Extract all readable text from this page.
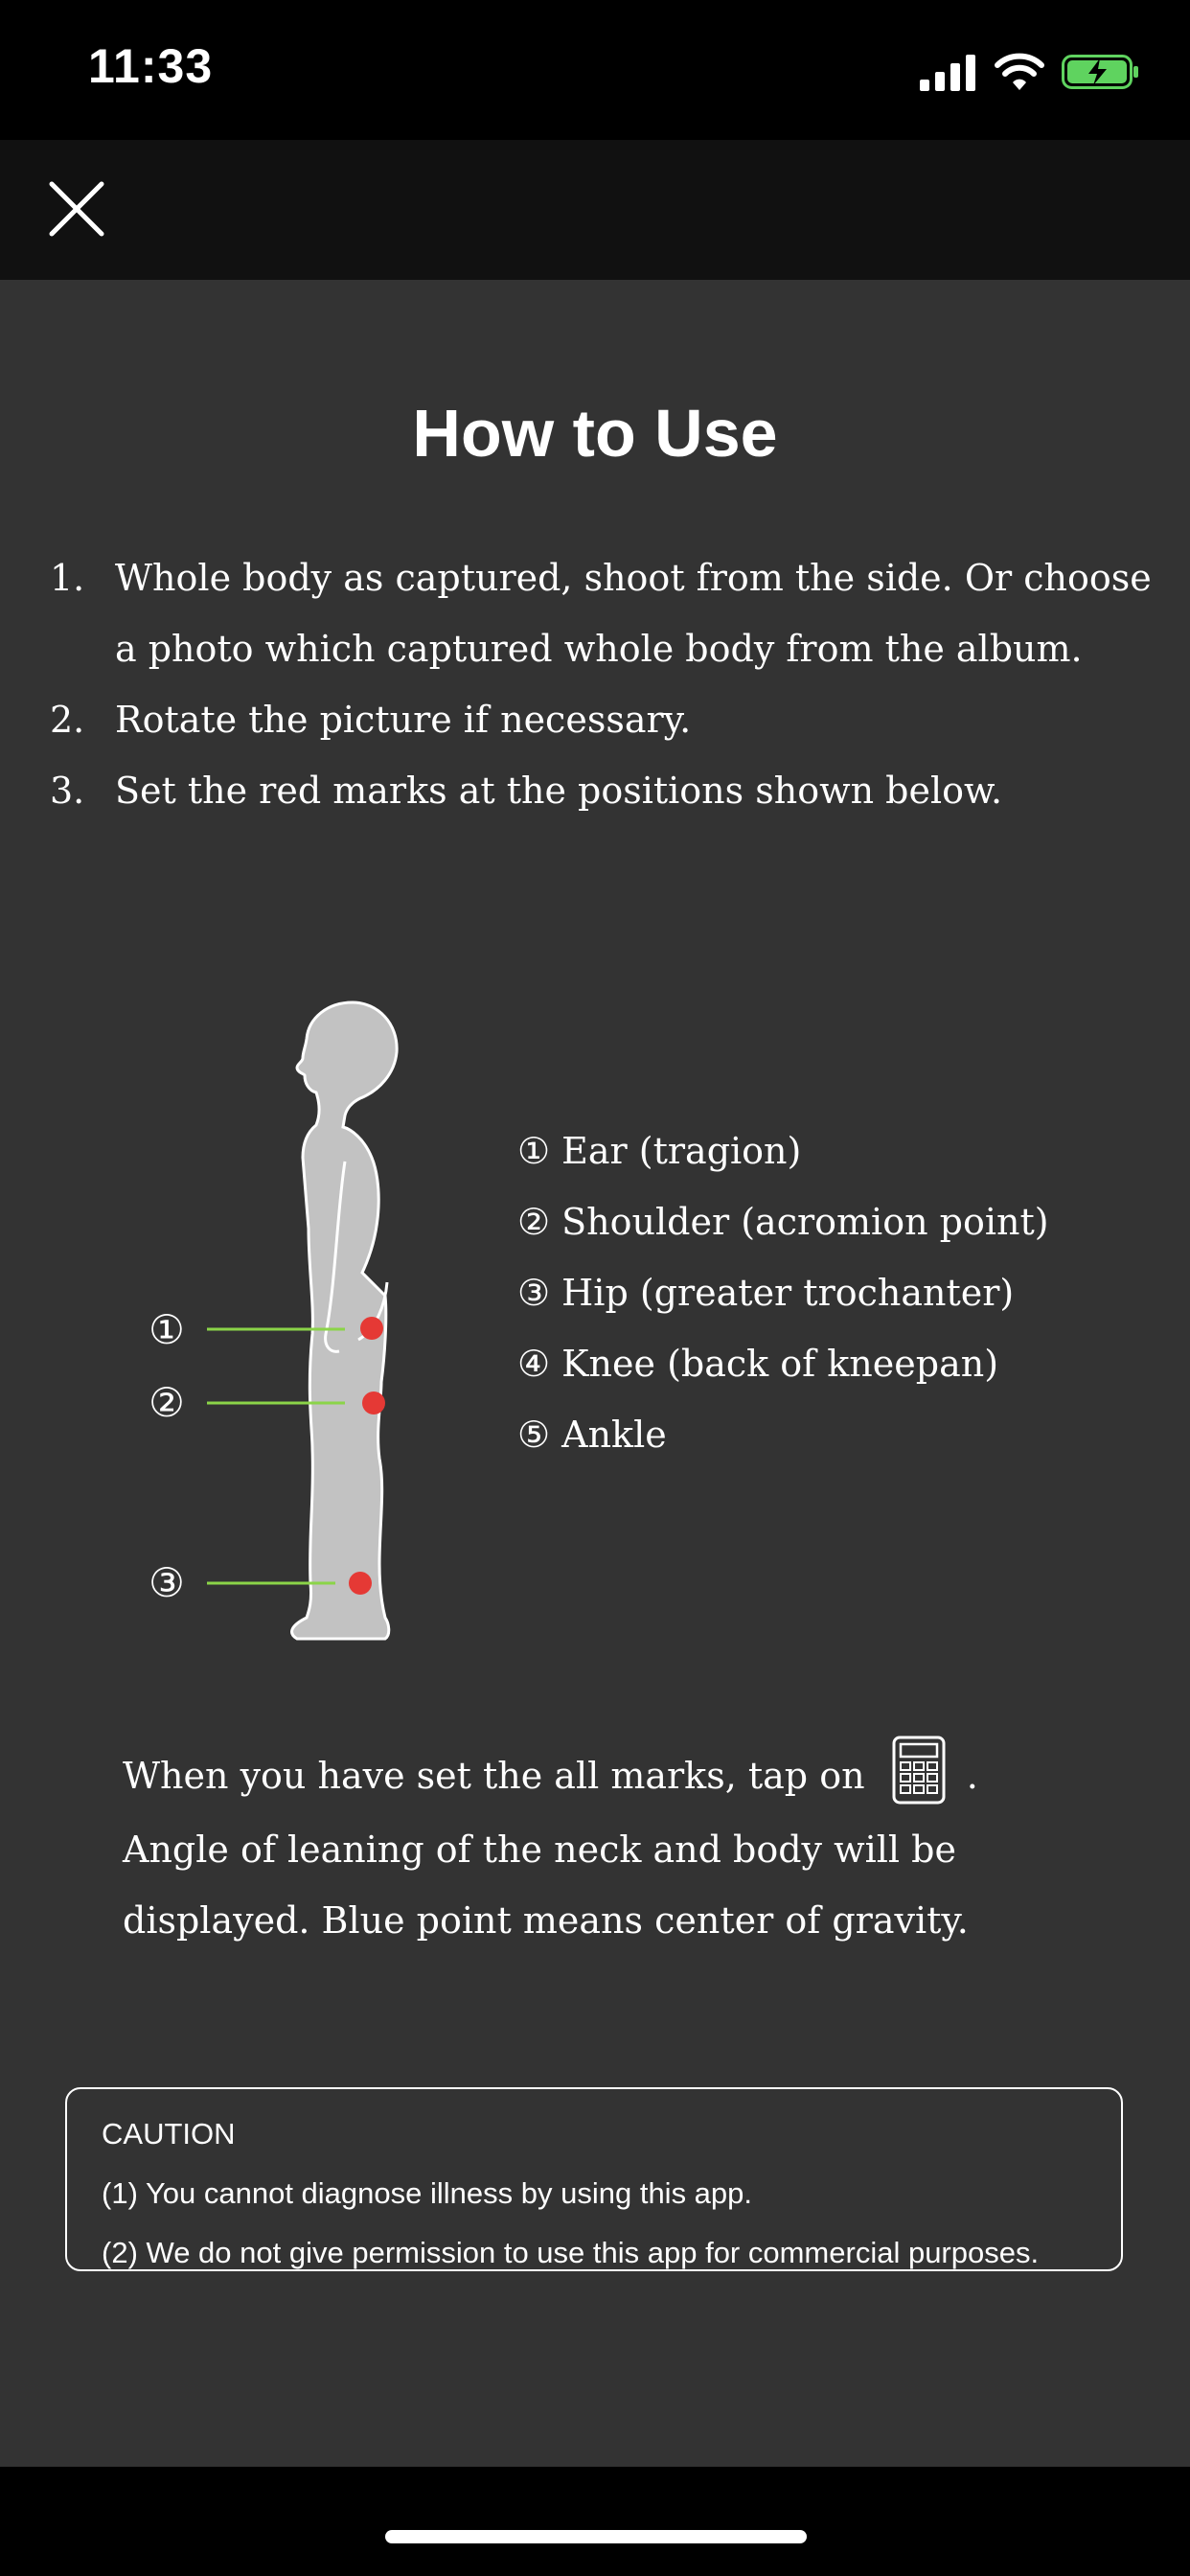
11:33
How to Use
1. Whole body as captured, shoot from the side. Or choose a photo which captured whole body from the album.
2. Rotate the picture if necessary.
3. Set the red marks at the positions shown below.
①
②
③
① Ear (tragion)
② Shoulder (acromion point)
③ Hip (greater trochanter)
④ Knee (back of kneepan)
⑤ Ankle
When you have set the all marks, tap on	.
Angle of leaning of the neck and body will be
displayed. Blue point means center of gravity.
CAUTION
(1) You cannot diagnose illness by using this app.
(2) We do not give permission to use this app for commercial purposes.
